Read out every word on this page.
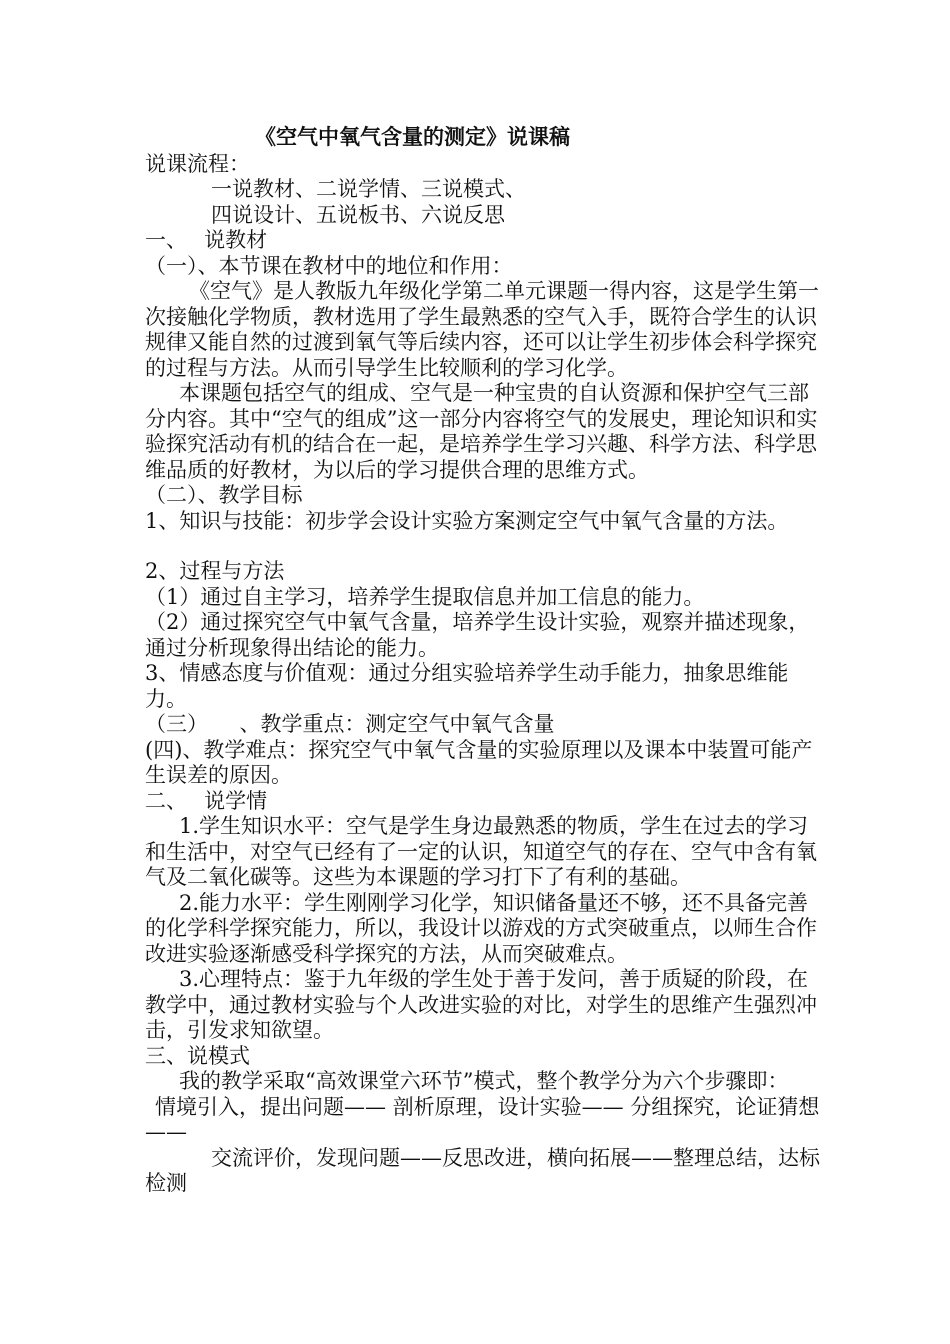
《空气中氧气含量的测定》说课稿

说课流程：

一说教材、二说学情、三说模式、

四说设计、五说板书、六说反思

一、　 说教材

（一）、本节课在教材中的地位和作用：

《空气》是人教版九年级化学第二单元课题一得内容，这是学生第一次接触化学物质，教材选用了学生最熟悉的空气入手，既符合学生的认识规律又能自然的过渡到氧气等后续内容，还可以让学生初步体会科学探究的过程与方法。从而引导学生比较顺利的学习化学。

本课题包括空气的组成、空气是一种宝贵的自认资源和保护空气三部分内容。其中“空气的组成”这一部分内容将空气的发展史，理论知识和实验探究活动有机的结合在一起，是培养学生学习兴趣、科学方法、科学思维品质的好教材，为以后的学习提供合理的思维方式。

（二）、教学目标

1、知识与技能：初步学会设计实验方案测定空气中氧气含量的方法。

2、过程与方法

（1）通过自主学习，培养学生提取信息并加工信息的能力。

（2）通过探究空气中氧气含量，培养学生设计实验，观察并描述现象，通过分析现象得出结论的能力。

3、情感态度与价值观：通过分组实验培养学生动手能力，抽象思维能力。

（三）　　、教学重点：测定空气中氧气含量

(四)、教学难点：探究空气中氧气含量的实验原理以及课本中装置可能产生误差的原因。

二、　 说学情

1.学生知识水平：空气是学生身边最熟悉的物质，学生在过去的学习和生活中，对空气已经有了一定的认识，知道空气的存在、空气中含有氧气及二氧化碳等。这些为本课题的学习打下了有利的基础。

2.能力水平：学生刚刚学习化学，知识储备量还不够，还不具备完善的化学科学探究能力，所以，我设计以游戏的方式突破重点，以师生合作改进实验逐渐感受科学探究的方法，从而突破难点。

3.心理特点：鉴于九年级的学生处于善于发问，善于质疑的阶段，在教学中，通过教材实验与个人改进实验的对比，对学生的思维产生强烈冲击，引发求知欲望。

三、说模式

我的教学采取“高效课堂六环节”模式，整个教学分为六个步骤即：

情境引入，提出问题—— 剖析原理，设计实验—— 分组探究，论证猜想——

交流评价，发现问题——反思改进，横向拓展——整理总结，达标检测
